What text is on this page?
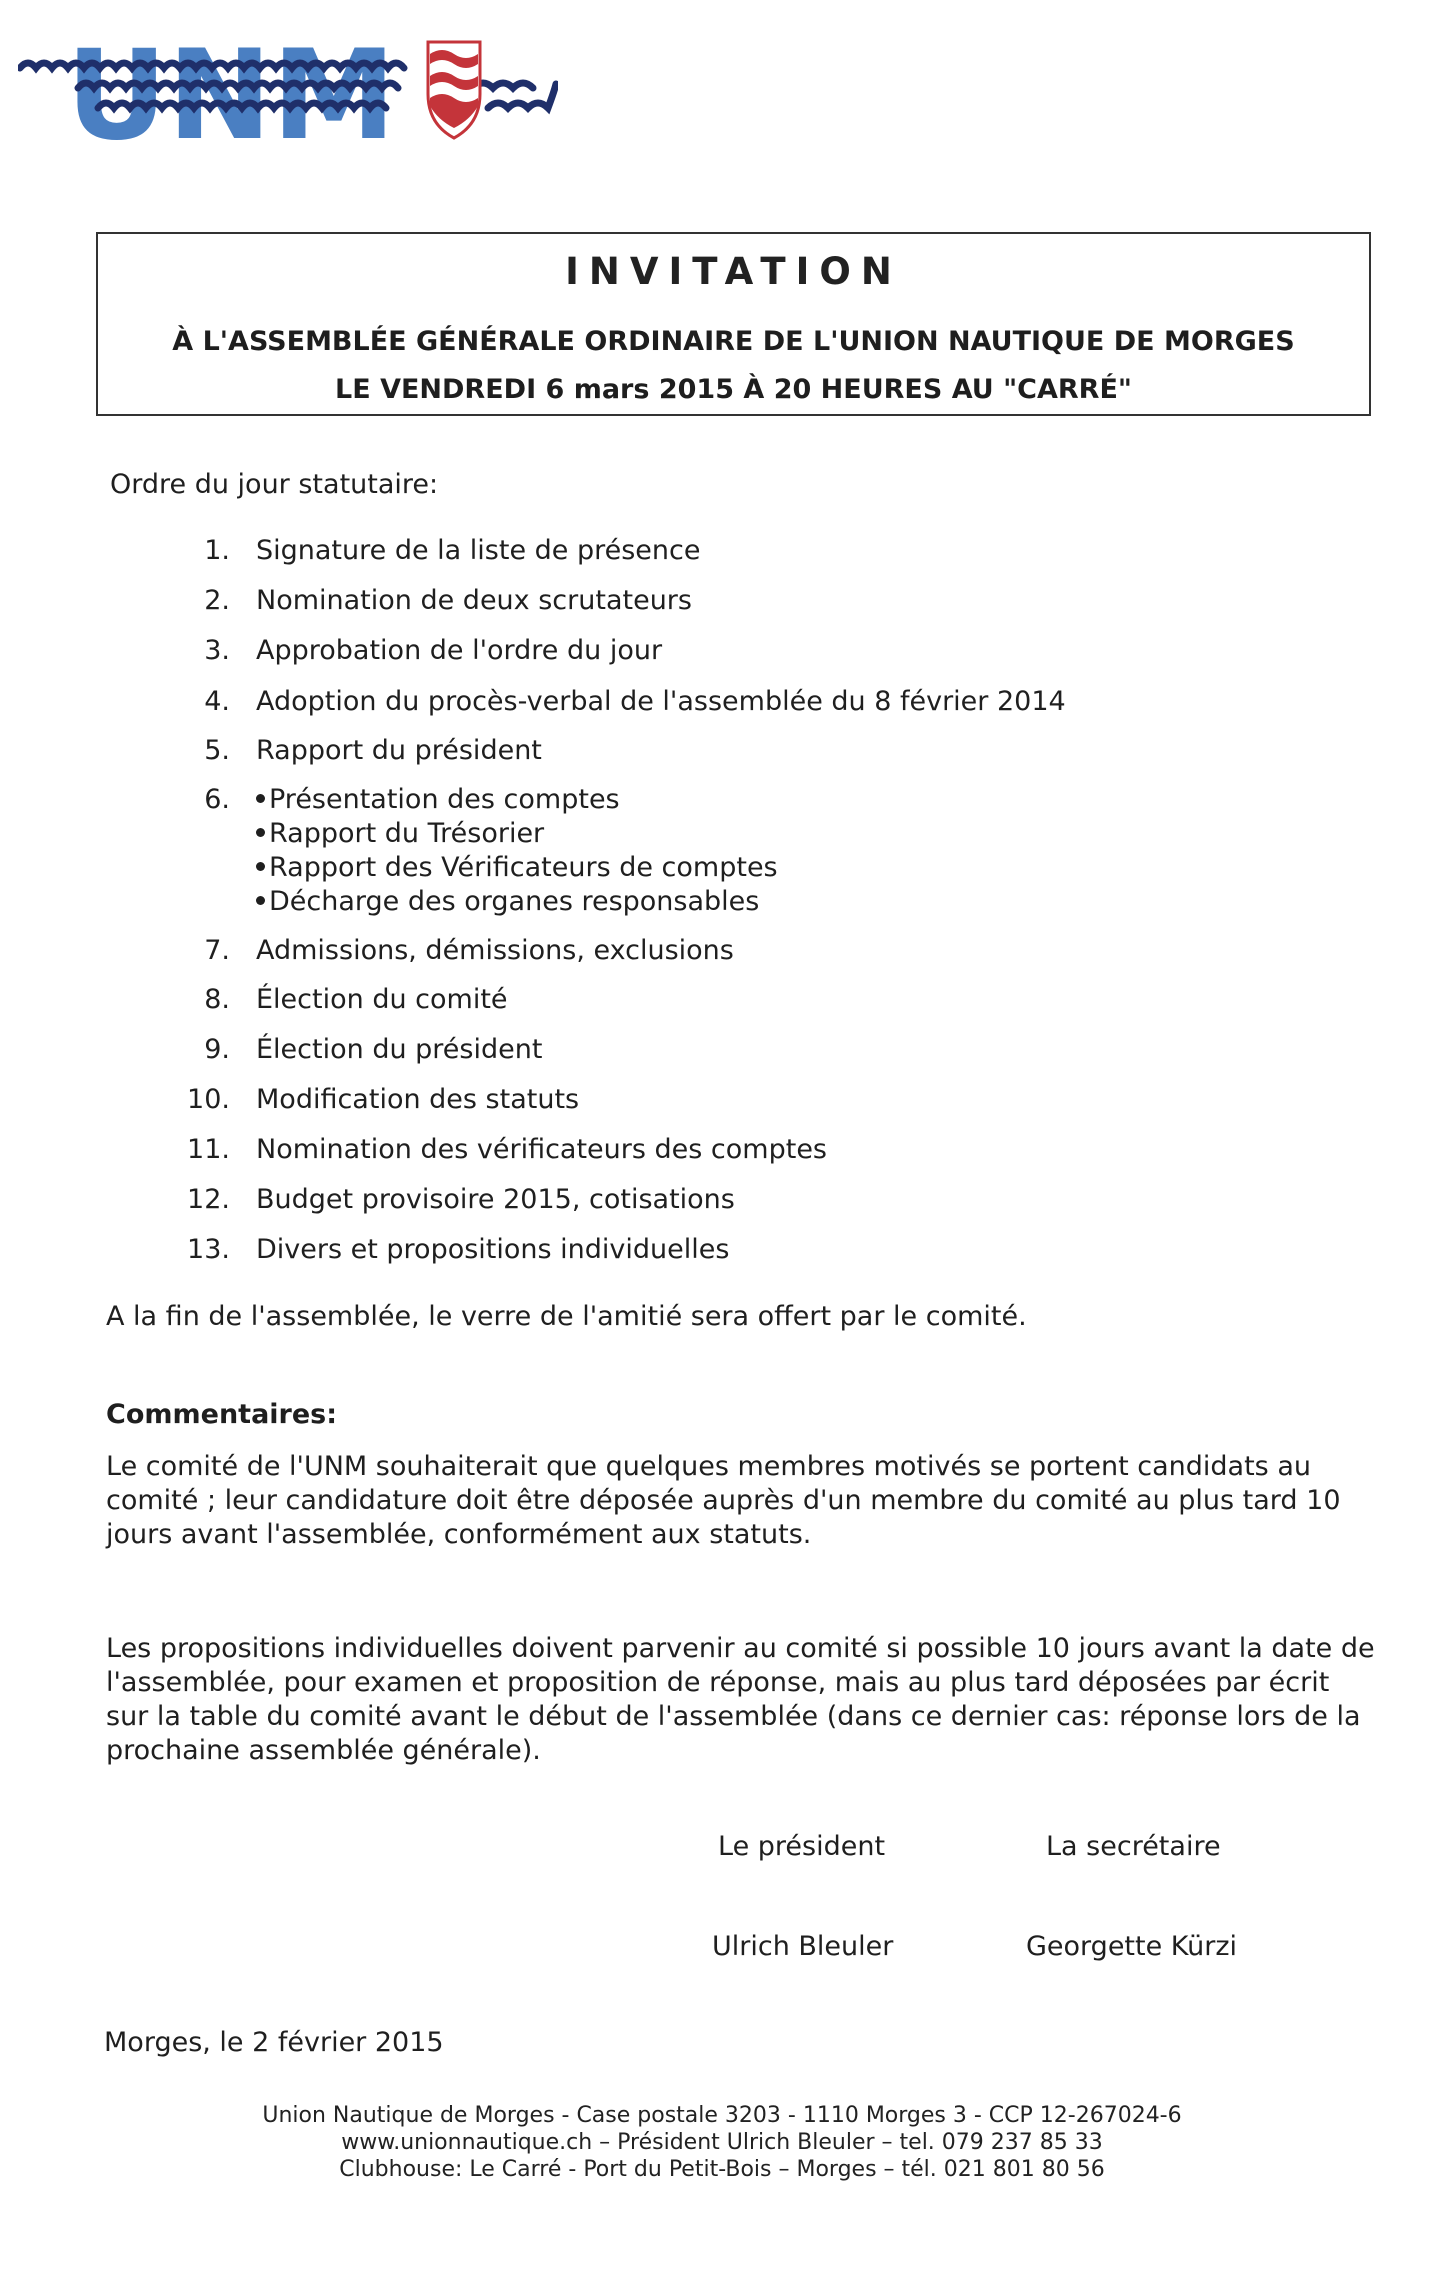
UNM
INVITATION
À L'ASSEMBLÉE GÉNÉRALE ORDINAIRE DE L'UNION NAUTIQUE DE MORGES
LE VENDREDI 6 mars 2015 À 20 HEURES AU "CARRÉ"
Ordre du jour statutaire:
1. Signature de la liste de présence
2. Nomination de deux scrutateurs
3. Approbation de l'ordre du jour
4. Adoption du procès-verbal de l'assemblée du 8 février 2014
5. Rapport du président
6.	Présentation des comptes
Rapport du Trésorier
Rapport des Vérificateurs de comptes
Décharge des organes responsables
7. Admissions, démissions, exclusions
8. Élection du comité
9. Élection du président
10. Modification des statuts
11. Nomination des vérificateurs des comptes
12. Budget provisoire 2015, cotisations
13. Divers et propositions individuelles
A la fin de l'assemblée, le verre de l'amitié sera offert par le comité.
Commentaires:
Le comité de l'UNM souhaiterait que quelques membres motivés se portent candidats au comité ; leur candidature doit être déposée auprès d'un membre du comité au plus tard 10 jours avant l'assemblée, conformément aux statuts.
Les propositions individuelles doivent parvenir au comité si possible 10 jours avant la date de l'assemblée, pour examen et proposition de réponse, mais au plus tard déposées par écrit sur la table du comité avant le début de l'assemblée (dans ce dernier cas: réponse lors de la prochaine assemblée générale).
Le président	La secrétaire
Ulrich Bleuler	Georgette Kürzi
Morges, le 2 février 2015
Union Nautique de Morges - Case postale 3203 - 1110 Morges 3 - CCP 12-267024-6
www.unionnautique.ch – Président Ulrich Bleuler – tel. 079 237 85 33
Clubhouse: Le Carré - Port du Petit-Bois – Morges – tél. 021 801 80 56
